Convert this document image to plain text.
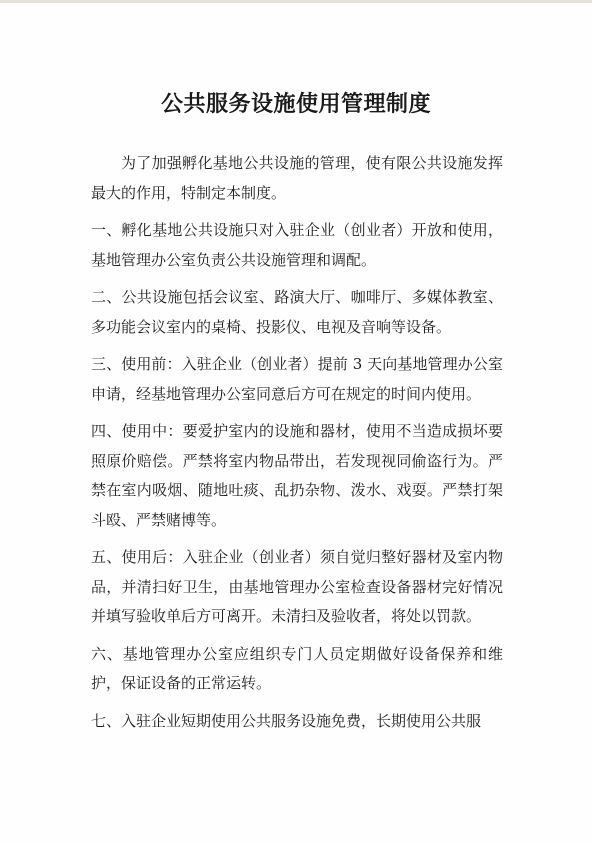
公共服务设施使用管理制度

为了加强孵化基地公共设施的管理，使有限公共设施发挥最大的作用，特制定本制度。

一、孵化基地公共设施只对入驻企业（创业者）开放和使用，基地管理办公室负责公共设施管理和调配。

二、公共设施包括会议室、路演大厅、咖啡厅、多媒体教室、多功能会议室内的桌椅、投影仪、电视及音响等设备。

三、使用前：入驻企业（创业者）提前 3 天向基地管理办公室申请，经基地管理办公室同意后方可在规定的时间内使用。

四、使用中：要爱护室内的设施和器材，使用不当造成损坏要照原价赔偿。严禁将室内物品带出，若发现视同偷盗行为。严禁在室内吸烟、随地吐痰、乱扔杂物、泼水、戏耍。严禁打架斗殴、严禁赌博等。

五、使用后：入驻企业（创业者）须自觉归整好器材及室内物品，并清扫好卫生，由基地管理办公室检查设备器材完好情况并填写验收单后方可离开。未清扫及验收者，将处以罚款。

六、基地管理办公室应组织专门人员定期做好设备保养和维护，保证设备的正常运转。

七、入驻企业短期使用公共服务设施免费，长期使用公共服
